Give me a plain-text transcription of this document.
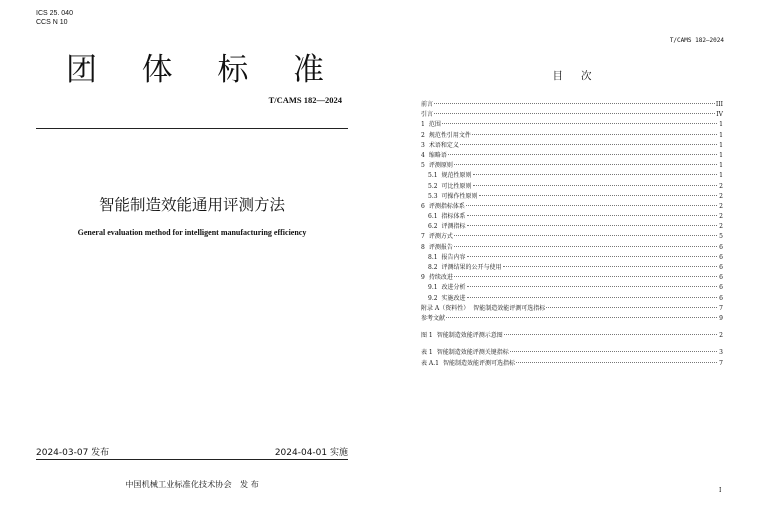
ICS 25. 040
CCS N 10
团 体 标 准
T/CAMS 182—2024
智能制造效能通用评测方法
General evaluation method for intelligent manufacturing efficiency
2024-03-07 发布	2024-04-01 实施
中国机械工业标准化技术协会　发 布
T/CAMS 182—2024
目次
前言	III
引言	IV
1 范围	1
2 规范性引用文件	1
3 术语和定义	1
4 缩略语	1
5 评测原则	1
5.1 规范性原则	1
5.2 可比性原则	2
5.3 可操作性原则	2
6 评测指标体系	2
6.1 指标体系	2
6.2 评测指标	2
7 评测方式	5
8 评测报告	6
8.1 报告内容	6
8.2 评测结果的公开与使用	6
9 持续改进	6
9.1 改进分析	6
9.2 实施改进	6
附录 A（资料性） 智能制造效能评测可选指标	7
参考文献	9
图 1 智能制造效能评测示意图	2
表 1 智能制造效能评测关键指标	3
表 A.1 智能制造效能评测可选指标	7
I
